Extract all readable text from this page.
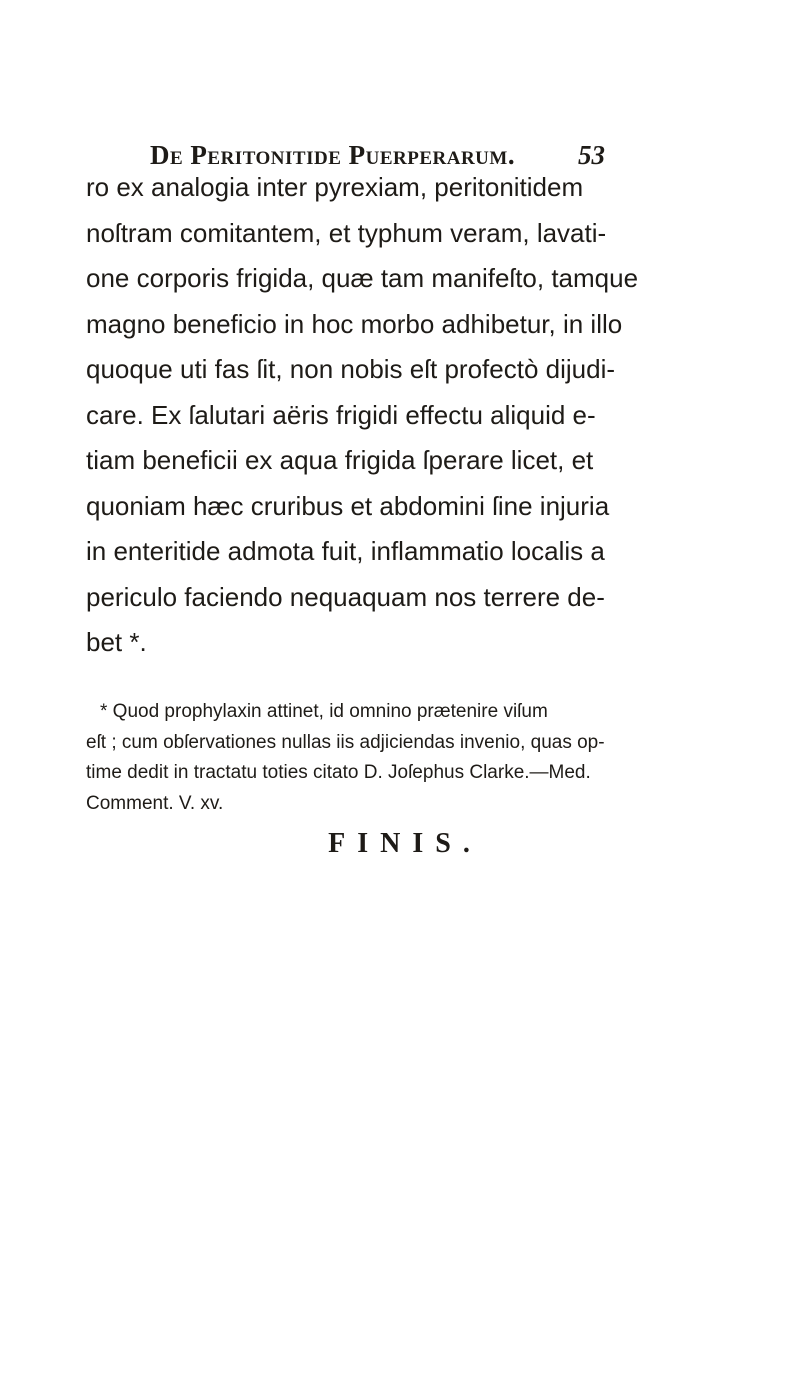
De Peritonitide Puerperarum. 53
ro ex analogia inter pyrexiam, peritonitidem
noſtram comitantem, et typhum veram, lavati-
one corporis frigida, quæ tam manifeſto, tamque
magno beneficio in hoc morbo adhibetur, in illo
quoque uti fas ſit, non nobis eſt profectò dijudi-
care. Ex ſalutari aëris frigidi effectu aliquid e-
tiam beneficii ex aqua frigida ſperare licet, et
quoniam hæc cruribus et abdomini ſine injuria
in enteritide admota fuit, inflammatio localis a
periculo faciendo nequaquam nos terrere de-
bet *.
* Quod prophylaxin attinet, id omnino prætenire viſum
eſt ; cum obſervationes nullas iis adjiciendas invenio, quas op-
time dedit in tractatu toties citato D. Joſephus Clarke.—Med.
Comment. V. xv.
FINIS.
